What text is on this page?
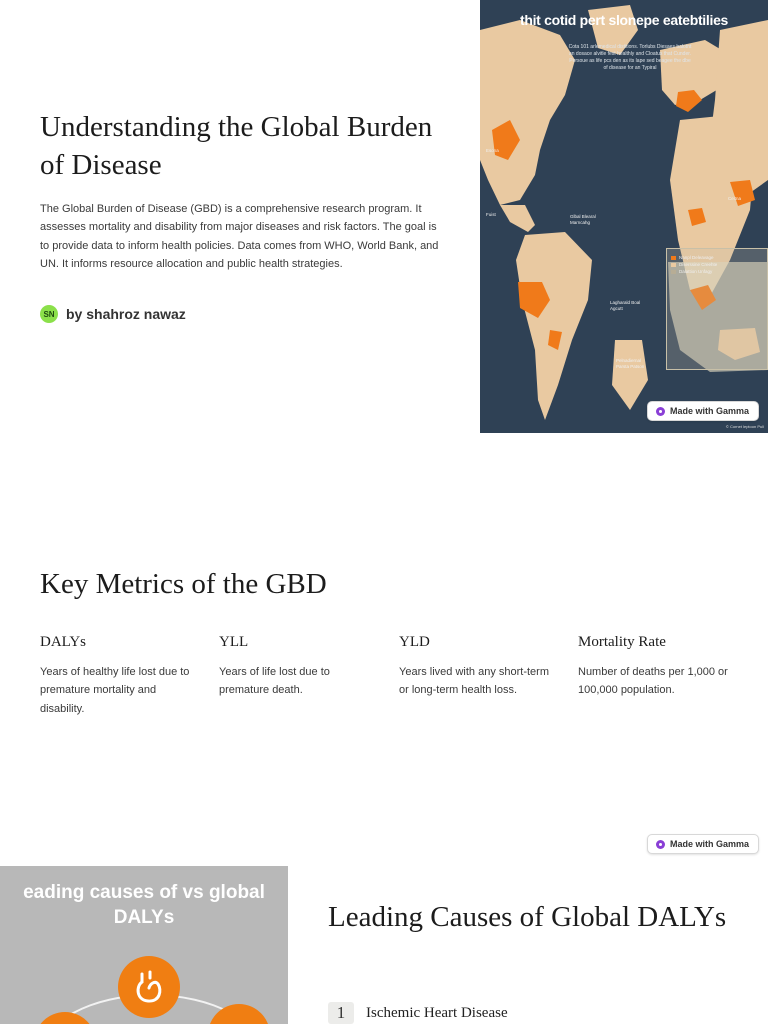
Understanding the Global Burden of Disease
The Global Burden of Disease (GBD) is a comprehensive research program. It assesses mortality and disability from major diseases and risk factors. The goal is to provide data to inform health policies. Data comes from WHO, World Bank, and UN. It informs resource allocation and public health strategies.
SN by shahroz nawaz
thit cotid pert slonepe eatebtilies
Cota 101 arlemedical distitions. Torlubs Diesaes balotnt an dosace alvitle fest healthly and Cloatus that Cunder. Persoue as life pcs den as its lape sed beagee the dbe of disease for an Typiral
Esona
Ceitna
Glbal Blearal Marncahg
Lagharald Boal Agcutt
Pelnadiernal Parsta Patson
Fuist
Nanpl Deleavage
Diserssine Creehte
Dalattion Unfagy
Made with Gamma
© Cornet leptoon Pull
Key Metrics of the GBD
DALYs
Years of healthy life lost due to premature mortality and disability.
YLL
Years of life lost due to premature death.
YLD
Years lived with any short-term or long-term health loss.
Mortality Rate
Number of deaths per 1,000 or 100,000 population.
Made with Gamma
eading causes of vs global DALYs	Leading Causes of Global DALYs
1	Ischemic Heart Disease
